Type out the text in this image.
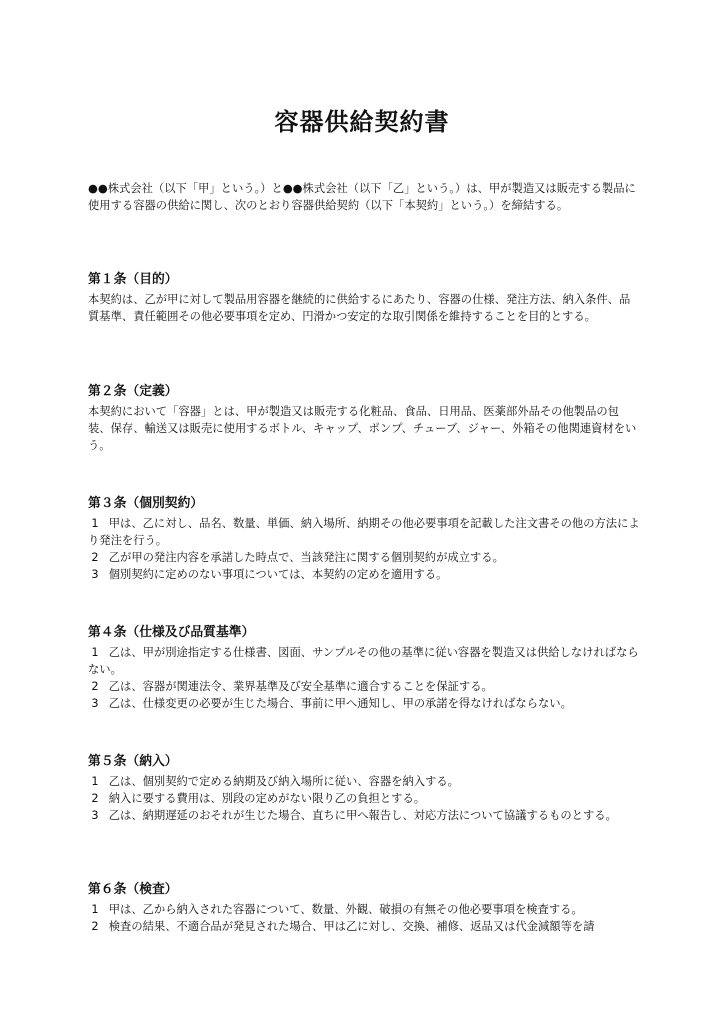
容器供給契約書

●●株式会社（以下「甲」という。）と●●株式会社（以下「乙」という。）は、甲が製造又は販売する製品に使用する容器の供給に関し、次のとおり容器供給契約（以下「本契約」という。）を締結する。

第１条（目的）

本契約は、乙が甲に対して製品用容器を継続的に供給するにあたり、容器の仕様、発注方法、納入条件、品質基準、責任範囲その他必要事項を定め、円滑かつ安定的な取引関係を維持することを目的とする。

第２条（定義）

本契約において「容器」とは、甲が製造又は販売する化粧品、食品、日用品、医薬部外品その他製品の包装、保存、輸送又は販売に使用するボトル、キャップ、ポンプ、チューブ、ジャー、外箱その他関連資材をいう。

第３条（個別契約）

1 甲は、乙に対し、品名、数量、単価、納入場所、納期その他必要事項を記載した注文書その他の方法により発注を行う。

2 乙が甲の発注内容を承諾した時点で、当該発注に関する個別契約が成立する。

3 個別契約に定めのない事項については、本契約の定めを適用する。

第４条（仕様及び品質基準）

1 乙は、甲が別途指定する仕様書、図面、サンプルその他の基準に従い容器を製造又は供給しなければならない。

2 乙は、容器が関連法令、業界基準及び安全基準に適合することを保証する。

3 乙は、仕様変更の必要が生じた場合、事前に甲へ通知し、甲の承諾を得なければならない。

第５条（納入）

1 乙は、個別契約で定める納期及び納入場所に従い、容器を納入する。

2 納入に要する費用は、別段の定めがない限り乙の負担とする。

3 乙は、納期遅延のおそれが生じた場合、直ちに甲へ報告し、対応方法について協議するものとする。

第６条（検査）

1 甲は、乙から納入された容器について、数量、外観、破損の有無その他必要事項を検査する。

2 検査の結果、不適合品が発見された場合、甲は乙に対し、交換、補修、返品又は代金減額等を請
